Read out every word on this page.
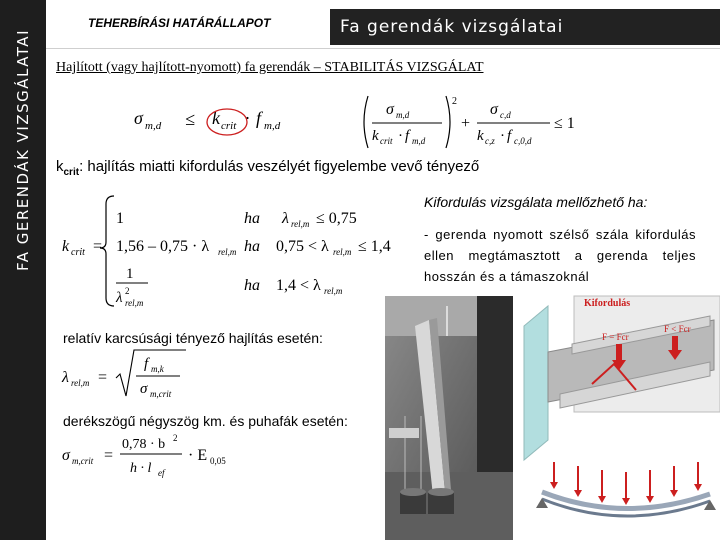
FA GERENDÁK VIZSGÁLATAI
TEHERBÍRÁSI HATÁRÁLLAPOT	Fa gerendák vizsgálatai
Hajlított (vagy hajlított-nyomott) fa gerendák – STABILITÁS VIZSGÁLAT
σ m,d ≤ k crit · f m,d
σ m,d
k crit · f m,d
2
+
σ c,d
k c,z · f c,0,d
≤ 1
$k_{crit}$: hajlítás miatti kifordulás veszélyét figyelembe vevő tényező
k crit =
1	ha λ rel,m ≤ 0,75
1,56 – 0,75 · λ rel,m ha 0,75 < λ rel,m ≤ 1,4
1
λ 2
rel,m
ha 1,4 < λ rel,m
Kifordulás vizsgálata mellőzhető ha:
- gerenda nyomott szélső szála kifordulás ellen megtámasztott a gerenda teljes hosszán és a támaszoknál
relatív karcsúsági tényező hajlítás esetén:
λ rel,m =
f m,k
σ m,crit
derékszögű négyszög km. és puhafák esetén:
σ m,crit =
0,78 · b 2
h · l ef
· E 0,05
Kifordulás
F < Fcr
F = Fcr
